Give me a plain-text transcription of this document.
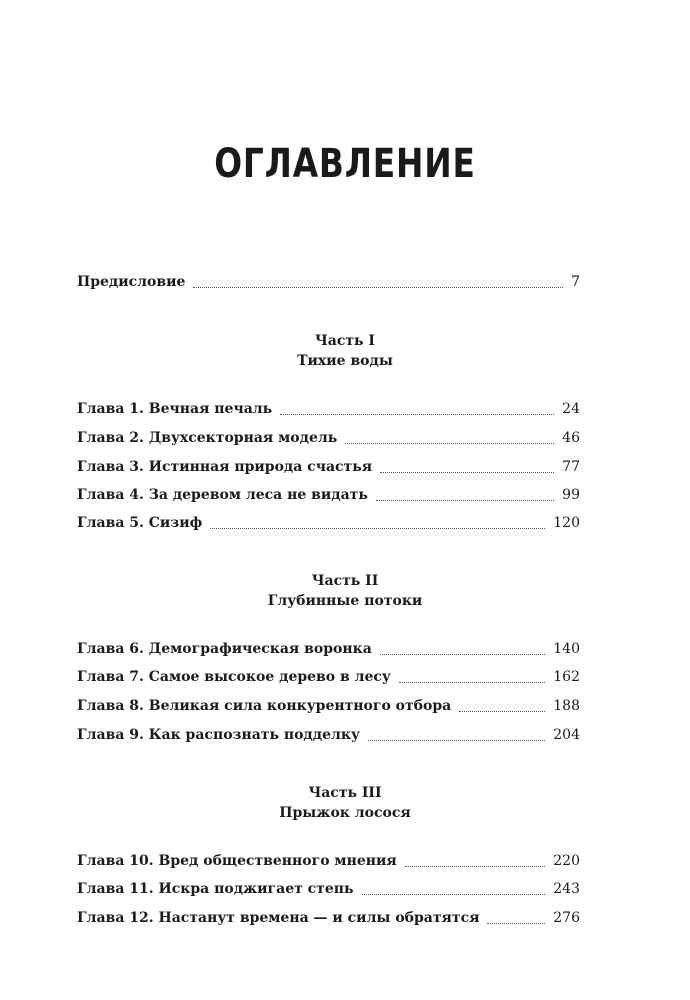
ОГЛАВЛЕНИЕ
Предисловие	7
Часть I
Тихие воды
Глава 1. Вечная печаль	24
Глава 2. Двухсекторная модель	46
Глава 3. Истинная природа счастья	77
Глава 4. За деревом леса не видать	99
Глава 5. Сизиф	120
Часть II
Глубинные потоки
Глава 6. Демографическая воронка	140
Глава 7. Самое высокое дерево в лесу	162
Глава 8. Великая сила конкурентного отбора	188
Глава 9. Как распознать подделку	204
Часть III
Прыжок лосося
Глава 10. Вред общественного мнения	220
Глава 11. Искра поджигает степь	243
Глава 12. Настанут времена — и силы обратятся	276
